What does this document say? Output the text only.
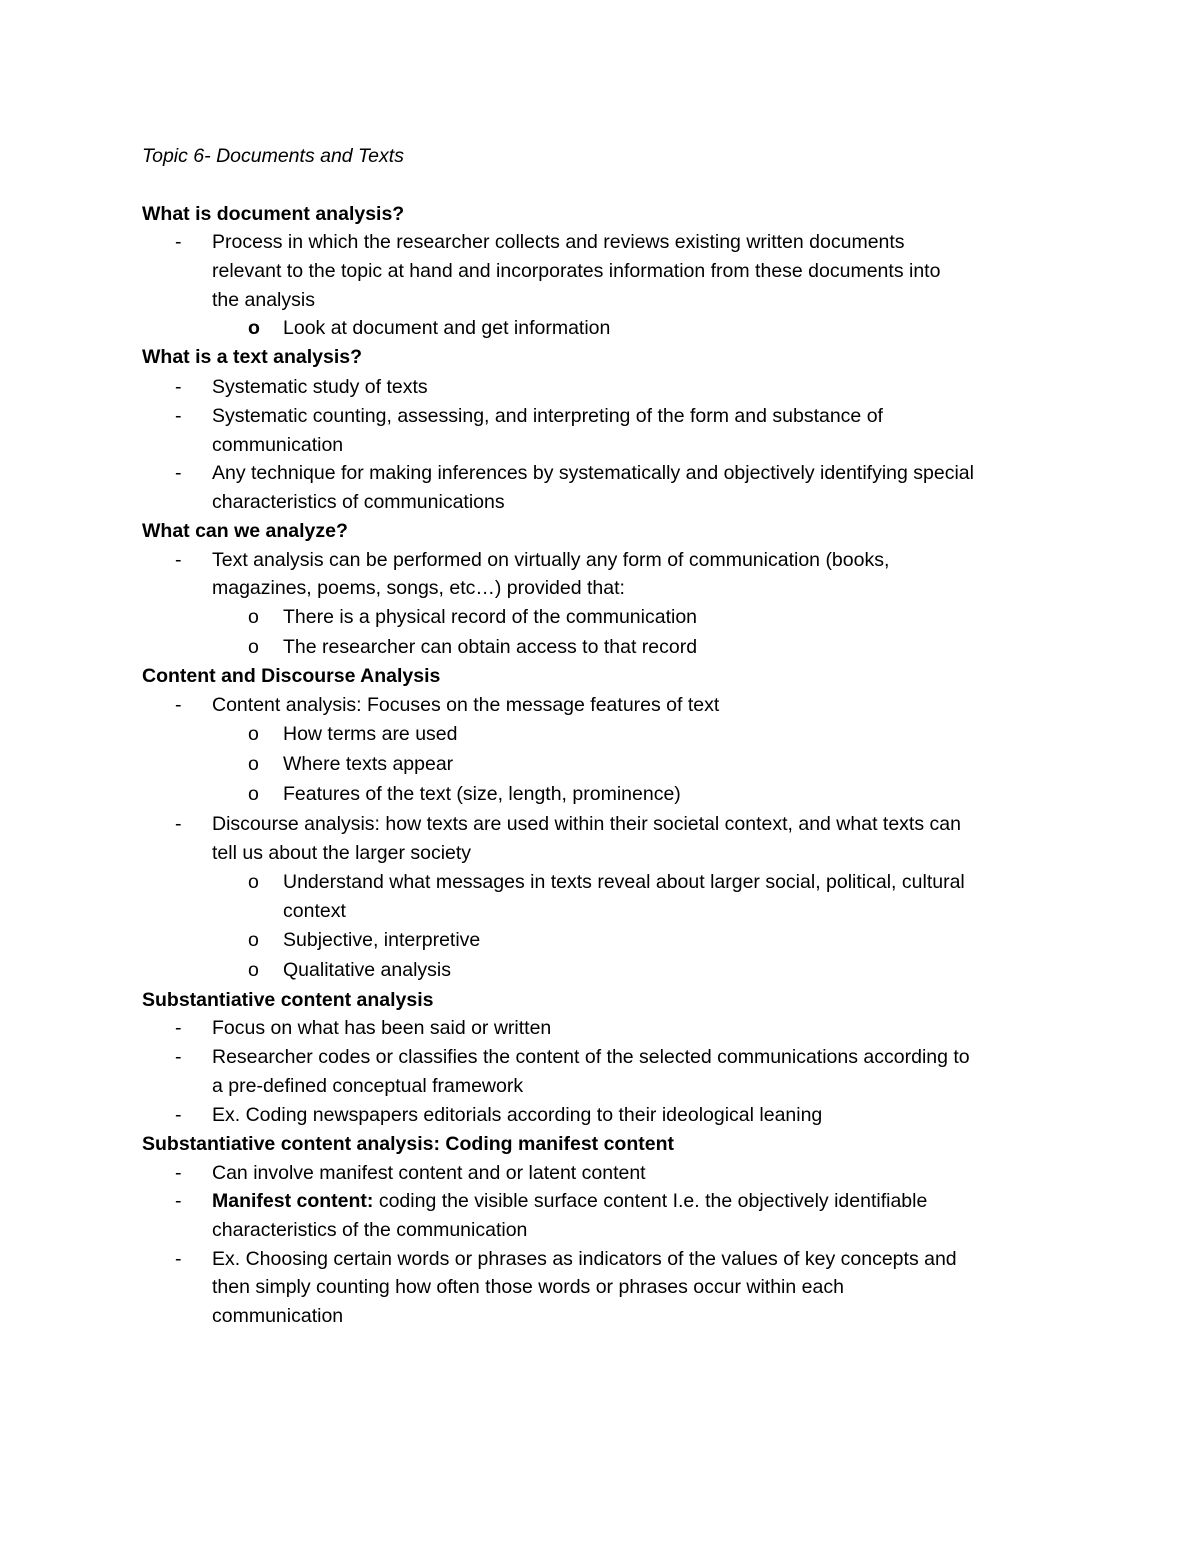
Topic 6- Documents and Texts
What is document analysis?
- Process in which the researcher collects and reviews existing written documents
relevant to the topic at hand and incorporates information from these documents into
the analysis
o Look at document and get information
What is a text analysis?
- Systematic study of texts
- Systematic counting, assessing, and interpreting of the form and substance of
communication
- Any technique for making inferences by systematically and objectively identifying special
characteristics of communications
What can we analyze?
- Text analysis can be performed on virtually any form of communication (books,
magazines, poems, songs, etc…) provided that:
o There is a physical record of the communication
o The researcher can obtain access to that record
Content and Discourse Analysis
- Content analysis: Focuses on the message features of text
o How terms are used
o Where texts appear
o Features of the text (size, length, prominence)
- Discourse analysis: how texts are used within their societal context, and what texts can
tell us about the larger society
o Understand what messages in texts reveal about larger social, political, cultural
context
o Subjective, interpretive
o Qualitative analysis
Substantiative content analysis
- Focus on what has been said or written
- Researcher codes or classifies the content of the selected communications according to
a pre-defined conceptual framework
- Ex. Coding newspapers editorials according to their ideological leaning
Substantiative content analysis: Coding manifest content
- Can involve manifest content and or latent content
- Manifest content: coding the visible surface content I.e. the objectively identifiable
characteristics of the communication
- Ex. Choosing certain words or phrases as indicators of the values of key concepts and
then simply counting how often those words or phrases occur within each
communication
